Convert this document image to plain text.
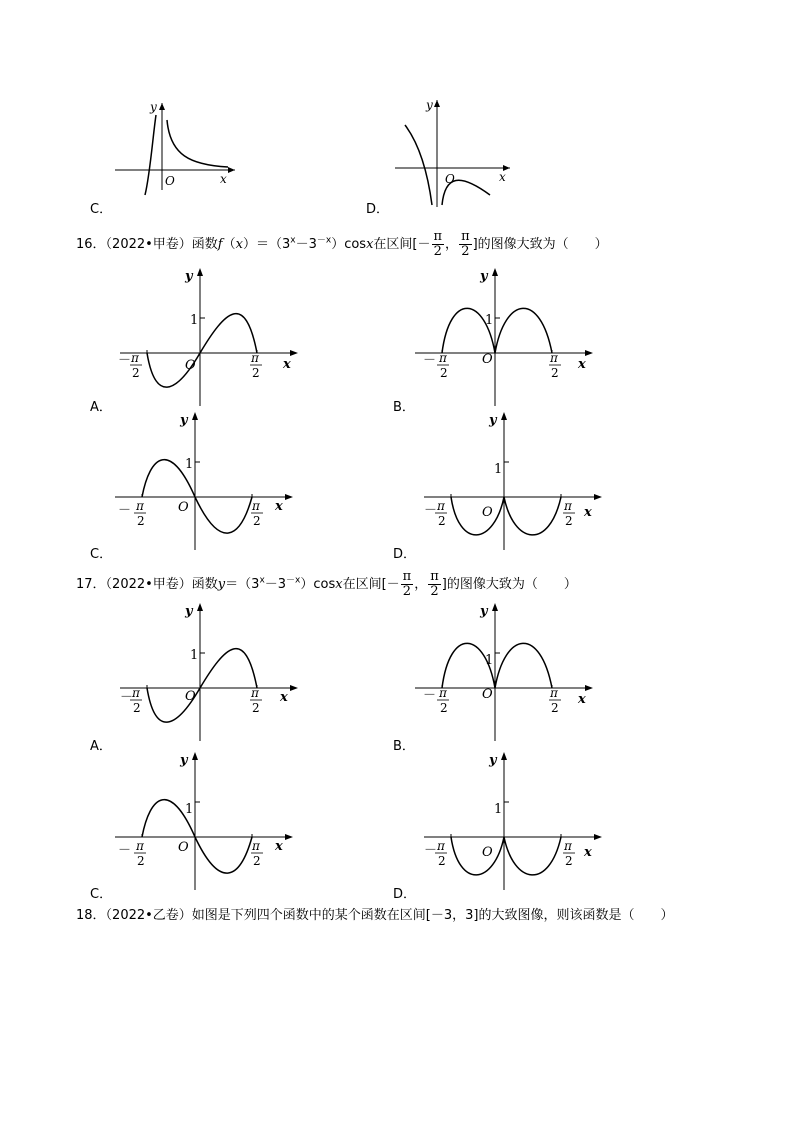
y
O	x
C．
y
O	x
D．
16．（2022•甲卷）函数$f(x)=(3^x-3^{-x})\cos x$在区间[－ $\frac{\pi}{2}$ ， $\frac{\pi}{2}$ ]的图像大致为（　　）
y
1
O	x
－ π
2
π
2
A．
y
1
O	x
－ π
2
π
2
B．
y
1
O	x
－ π
2
π
2
C．
y
1
O	x
－ π
2
π
2
D．
17．（2022•甲卷）函数$y=(3^x-3^{-x})\cos x$在区间[－ $\frac{\pi}{2}$ ， $\frac{\pi}{2}$ ]的图像大致为（　　）
y
1
O	x
－
π
2
π
2
A．
y
1
O	x
－ π
2
π
2
B．
y
1
O	x
－ π
2
π
2
C．
y
1
O	x
－ π
2
π
2
D．
18．（2022•乙卷）如图是下列四个函数中的某个函数在区间[－3，3]的大致图像，则该函数是（　　）
